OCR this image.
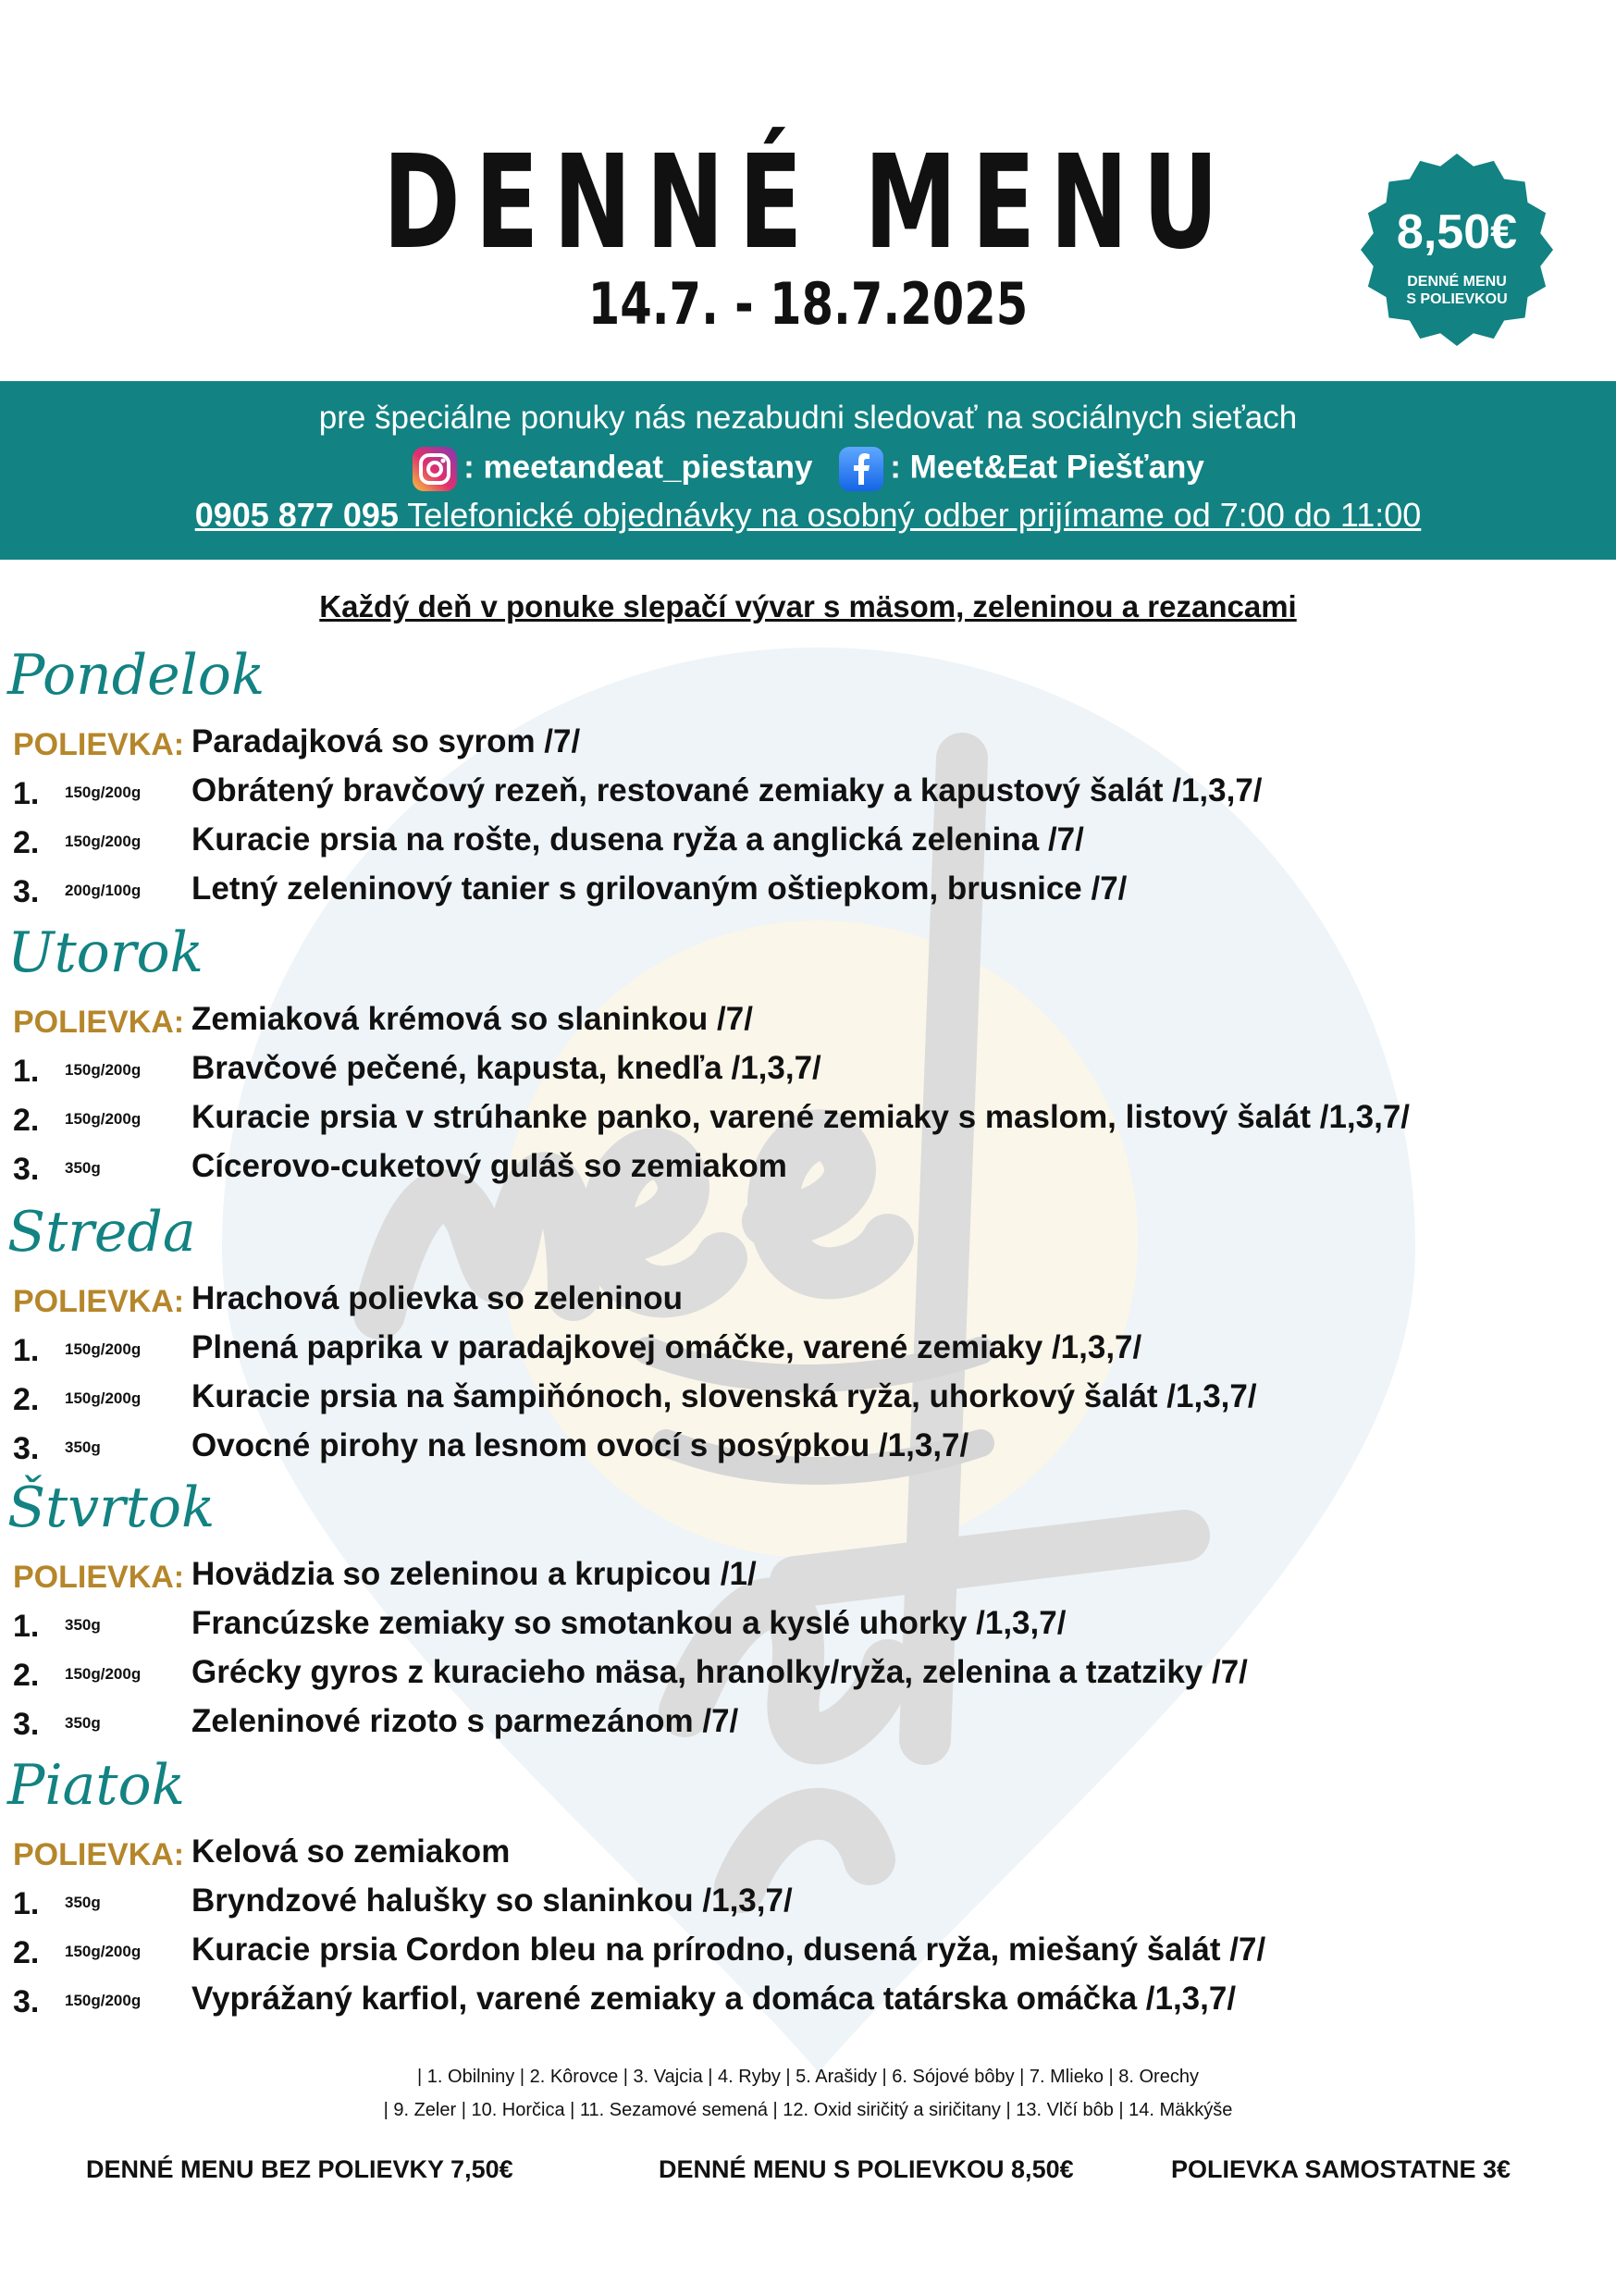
DENNÉ MENU
14.7. - 18.7.2025
8,50€
DENNÉ MENU
S POLIEVKOU
pre špeciálne ponuky nás nezabudni sledovať na sociálnych sieťach
: meetandeat_piestany : Meet&Eat Piešťany
0905 877 095 Telefonické objednávky na osobný odber prijímame od 7:00 do 11:00
Každý deň v ponuke slepačí vývar s mäsom, zeleninou a rezancami
Pondelok
POLIEVKA: Paradajková so syrom /7/
1. 150g/200g Obrátený bravčový rezeň, restované zemiaky a kapustový šalát /1,3,7/
2. 150g/200g Kuracie prsia na rošte, dusena ryža a anglická zelenina /7/
3. 200g/100g Letný zeleninový tanier s grilovaným oštiepkom, brusnice /7/
Utorok
POLIEVKA: Zemiaková krémová so slaninkou /7/
1. 150g/200g Bravčové pečené, kapusta, knedľa /1,3,7/
2. 150g/200g Kuracie prsia v strúhanke panko, varené zemiaky s maslom, listový šalát /1,3,7/
3. 350g	Cícerovo-cuketový guláš so zemiakom
Streda
POLIEVKA: Hrachová polievka so zeleninou
1. 150g/200g Plnená paprika v paradajkovej omáčke, varené zemiaky /1,3,7/
2. 150g/200g Kuracie prsia na šampiňónoch, slovenská ryža, uhorkový šalát /1,3,7/
3. 350g	Ovocné pirohy na lesnom ovocí s posýpkou /1,3,7/
Štvrtok
POLIEVKA: Hovädzia so zeleninou a krupicou /1/
1. 350g	Francúzske zemiaky so smotankou a kyslé uhorky /1,3,7/
2. 150g/200g Grécky gyros z kuracieho mäsa, hranolky/ryža, zelenina a tzatziky /7/
3. 350g	Zeleninové rizoto s parmezánom /7/
Piatok
POLIEVKA: Kelová so zemiakom
1. 350g	Bryndzové halušky so slaninkou /1,3,7/
2. 150g/200g Kuracie prsia Cordon bleu na prírodno, dusená ryža, miešaný šalát /7/
3. 150g/200g Vyprážaný karfiol, varené zemiaky a domáca tatárska omáčka /1,3,7/
| 1. Obilniny | 2. Kôrovce | 3. Vajcia | 4. Ryby | 5. Arašidy | 6. Sójové bôby | 7. Mlieko | 8. Orechy
| 9. Zeler | 10. Horčica | 11. Sezamové semená | 12. Oxid siričitý a siričitany | 13. Vlčí bôb | 14. Mäkkýše
DENNÉ MENU BEZ POLIEVKY 7,50€	DENNÉ MENU S POLIEVKOU 8,50€	POLIEVKA SAMOSTATNE 3€
